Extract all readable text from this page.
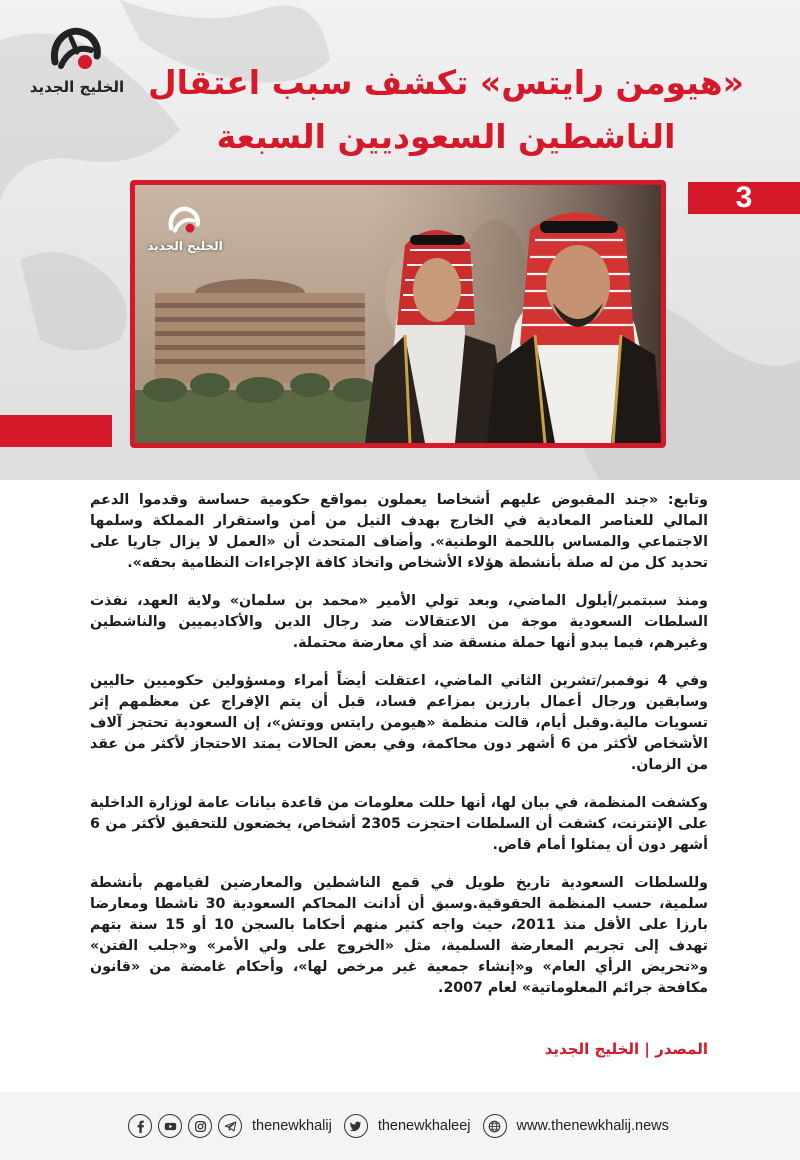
الخليج الجديد «هيومن رايتس» تكشف سبب اعتقال
الناشطين السعوديين السبعة
3
الخليج الجديد

وتابع: «جند المقبوض عليهم أشخاصا يعملون بمواقع حكومية حساسة وقدموا الدعم المالي للعناصر المعادية في الخارج بهدف النيل من أمن واستقرار المملكة وسلمها الاجتماعي والمساس باللحمة الوطنية». وأضاف المتحدث أن «العمل لا يزال جاريا على تحديد كل من له صلة بأنشطة هؤلاء الأشخاص واتخاذ كافة الإجراءات النظامية بحقه».

ومنذ سبتمبر/أيلول الماضي، وبعد تولي الأمير «محمد بن سلمان» ولاية العهد، نفذت السلطات السعودية موجة من الاعتقالات ضد رجال الدين والأكاديميين والناشطين وغيرهم، فيما يبدو أنها حملة منسقة ضد أي معارضة محتملة.

وفي 4 نوفمبر/تشرين الثاني الماضي، اعتقلت أيضاً أمراء ومسؤولين حكوميين حاليين وسابقين ورجال أعمال بارزين بمزاعم فساد، قبل أن يتم الإفراج عن معظمهم إثر تسويات مالية.وقبل أيام، قالت منظمة «هيومن رايتس ووتش»، إن السعودية تحتجز آلاف الأشخاص لأكثر من 6 أشهر دون محاكمة، وفي بعض الحالات يمتد الاحتجاز لأكثر من عقد من الزمان.

وكشفت المنظمة، في بيان لها، أنها حللت معلومات من قاعدة بيانات عامة لوزارة الداخلية على الإنترنت، كشفت أن السلطات احتجزت 2305 أشخاص، يخضعون للتحقيق لأكثر من 6 أشهر دون أن يمثلوا أمام قاض.

وللسلطات السعودية تاريخ طويل في قمع الناشطين والمعارضين لقيامهم بأنشطة سلمية، حسب المنظمة الحقوقية.وسبق أن أدانت المحاكم السعودية 30 ناشطا ومعارضا بارزا على الأقل منذ 2011، حيث واجه كثير منهم أحكاما بالسجن 10 أو 15 سنة بتهم تهدف إلى تجريم المعارضة السلمية، مثل «الخروج على ولي الأمر» و«جلب الفتن» و«تحريض الرأي العام» و«إنشاء جمعية غير مرخص لها»، وأحكام غامضة من «قانون مكافحة جرائم المعلوماتية» لعام 2007.

المصدر | الخليج الجديد
thenewkhalij	thenewkhaleej	www.thenewkhalij.news
